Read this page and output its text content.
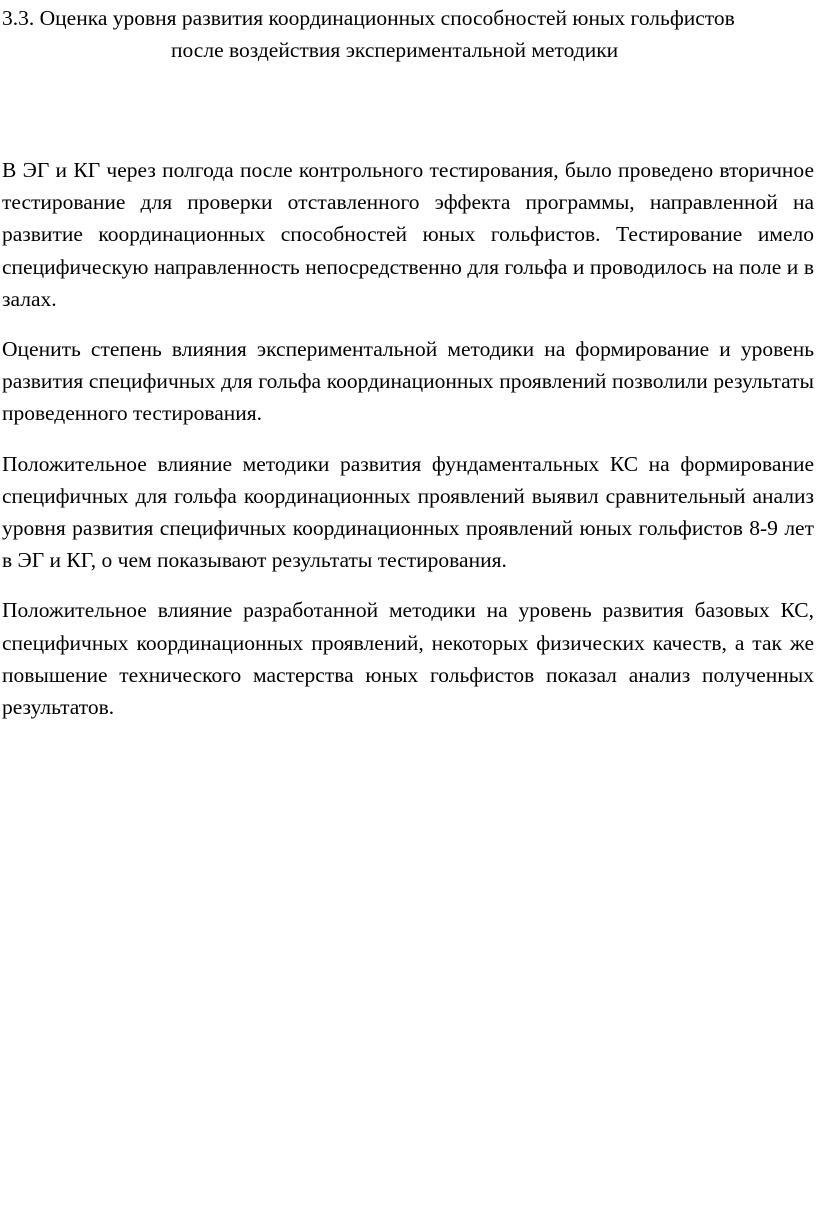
3.3. Оценка уровня развития координационных способностей юных гольфистов
после воздействия экспериментальной методики

В ЭГ и КГ через полгода после контрольного тестирования, было проведено вторичное тестирование для проверки отставленного эффекта программы, направленной на развитие координационных способностей юных гольфистов. Тестирование имело специфическую направленность непосредственно для гольфа и проводилось на поле и в залах.

Оценить степень влияния экспериментальной методики на формирование и уровень развития специфичных для гольфа координационных проявлений позволили результаты проведенного тестирования.

Положительное влияние методики развития фундаментальных КС на формирование специфичных для гольфа координационных проявлений выявил сравнительный анализ уровня развития специфичных координационных проявлений юных гольфистов 8-9 лет в ЭГ и КГ, о чем показывают результаты тестирования.

Положительное влияние разработанной методики на уровень развития базовых КС, специфичных координационных проявлений, некоторых физических качеств, а так же повышение технического мастерства юных гольфистов показал анализ полученных результатов.
